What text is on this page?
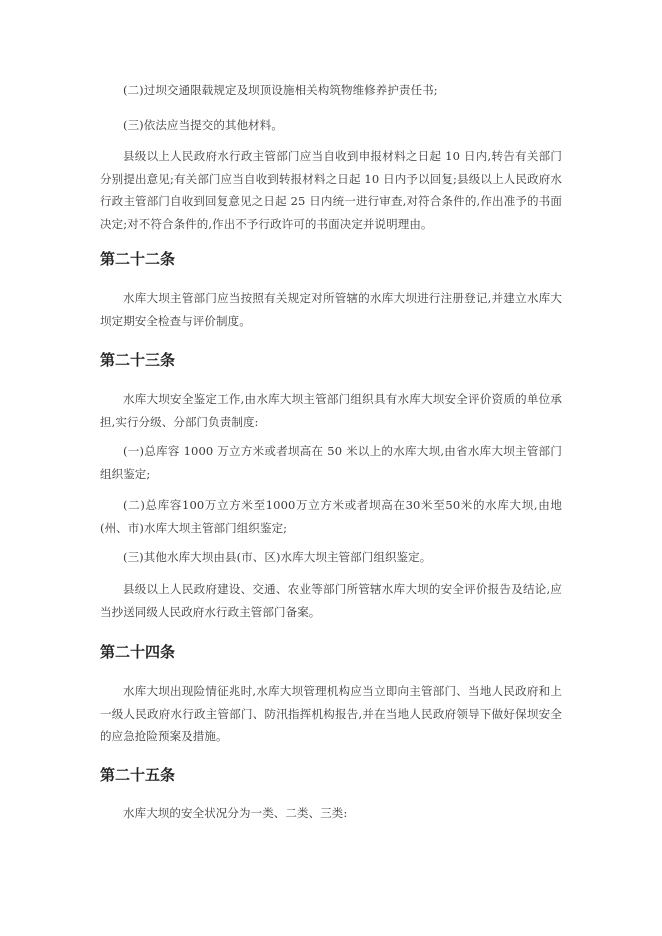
(二)过坝交通限载规定及坝顶设施相关构筑物维修养护责任书;

(三)依法应当提交的其他材料。

县级以上人民政府水行政主管部门应当自收到申报材料之日起 10 日内,转告有关部门分别提出意见;有关部门应当自收到转报材料之日起 10 日内予以回复;县级以上人民政府水行政主管部门自收到回复意见之日起 25 日内统一进行审查,对符合条件的,作出准予的书面决定;对不符合条件的,作出不予行政许可的书面决定并说明理由。

第二十二条

水库大坝主管部门应当按照有关规定对所管辖的水库大坝进行注册登记,并建立水库大坝定期安全检查与评价制度。

第二十三条

水库大坝安全鉴定工作,由水库大坝主管部门组织具有水库大坝安全评价资质的单位承担,实行分级、分部门负责制度:

(一)总库容 1000 万立方米或者坝高在 50 米以上的水库大坝,由省水库大坝主管部门组织鉴定;

(二)总库容100万立方米至1000万立方米或者坝高在30米至50米的水库大坝,由地(州、市)水库大坝主管部门组织鉴定;

(三)其他水库大坝由县(市、区)水库大坝主管部门组织鉴定。

县级以上人民政府建设、交通、农业等部门所管辖水库大坝的安全评价报告及结论,应当抄送同级人民政府水行政主管部门备案。

第二十四条

水库大坝出现险情征兆时,水库大坝管理机构应当立即向主管部门、当地人民政府和上一级人民政府水行政主管部门、防汛指挥机构报告,并在当地人民政府领导下做好保坝安全的应急抢险预案及措施。

第二十五条

水库大坝的安全状况分为一类、二类、三类:
